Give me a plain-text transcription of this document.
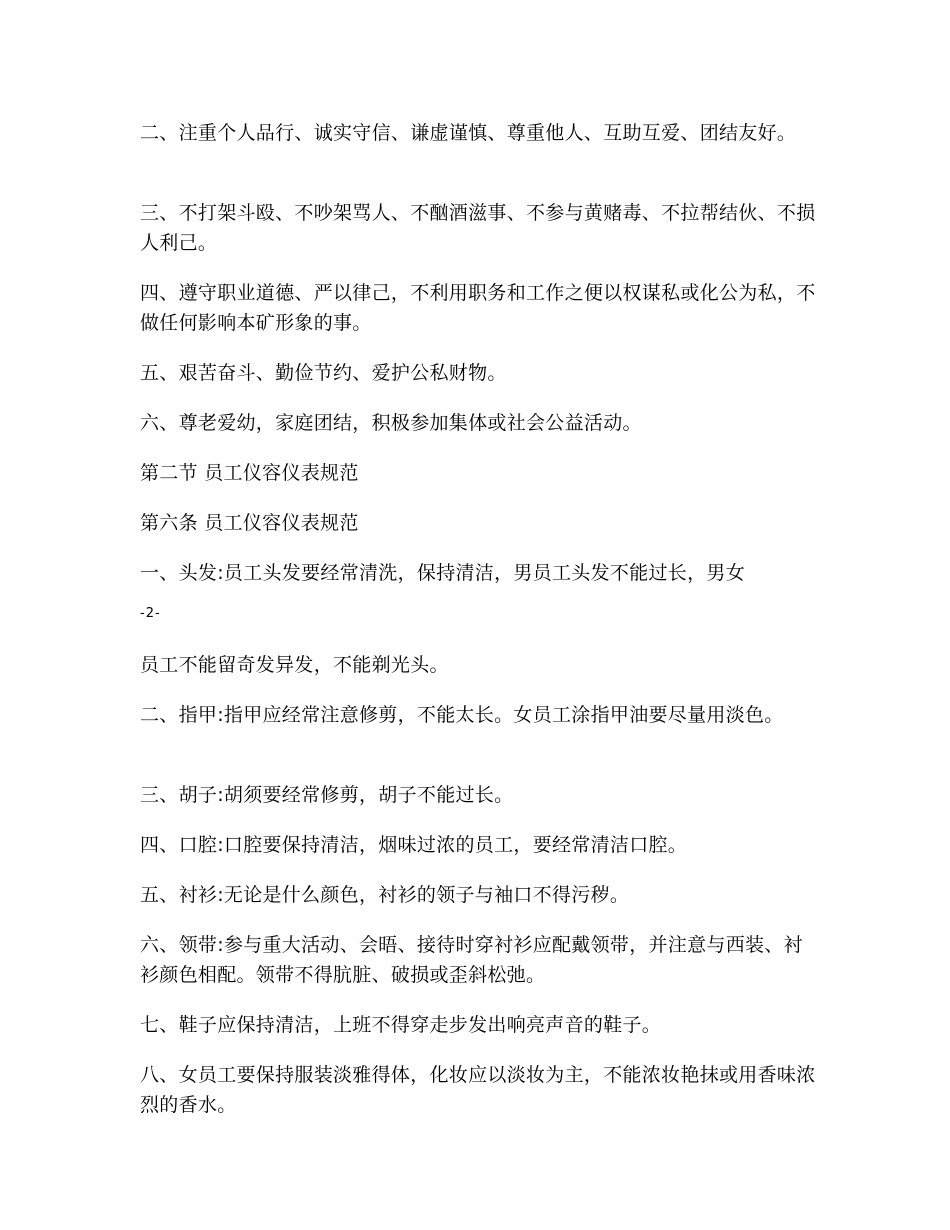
二、注重个人品行、诚实守信、谦虚谨慎、尊重他人、互助互爱、团结友好。

三、不打架斗殴、不吵架骂人、不酗酒滋事、不参与黄赌毒、不拉帮结伙、不损人利己。

四、遵守职业道德、严以律己，不利用职务和工作之便以权谋私或化公为私，不做任何影响本矿形象的事。

五、艰苦奋斗、勤俭节约、爱护公私财物。

六、尊老爱幼，家庭团结，积极参加集体或社会公益活动。

第二节 员工仪容仪表规范

第六条 员工仪容仪表规范

一、头发:员工头发要经常清洗，保持清洁，男员工头发不能过长，男女

-2-

员工不能留奇发异发，不能剃光头。

二、指甲:指甲应经常注意修剪，不能太长。女员工涂指甲油要尽量用淡色。

三、胡子:胡须要经常修剪，胡子不能过长。

四、口腔:口腔要保持清洁，烟味过浓的员工，要经常清洁口腔。

五、衬衫:无论是什么颜色，衬衫的领子与袖口不得污秽。

六、领带:参与重大活动、会晤、接待时穿衬衫应配戴领带，并注意与西装、衬衫颜色相配。领带不得肮脏、破损或歪斜松弛。

七、鞋子应保持清洁，上班不得穿走步发出响亮声音的鞋子。

八、女员工要保持服装淡雅得体，化妆应以淡妆为主，不能浓妆艳抹或用香味浓烈的香水。
